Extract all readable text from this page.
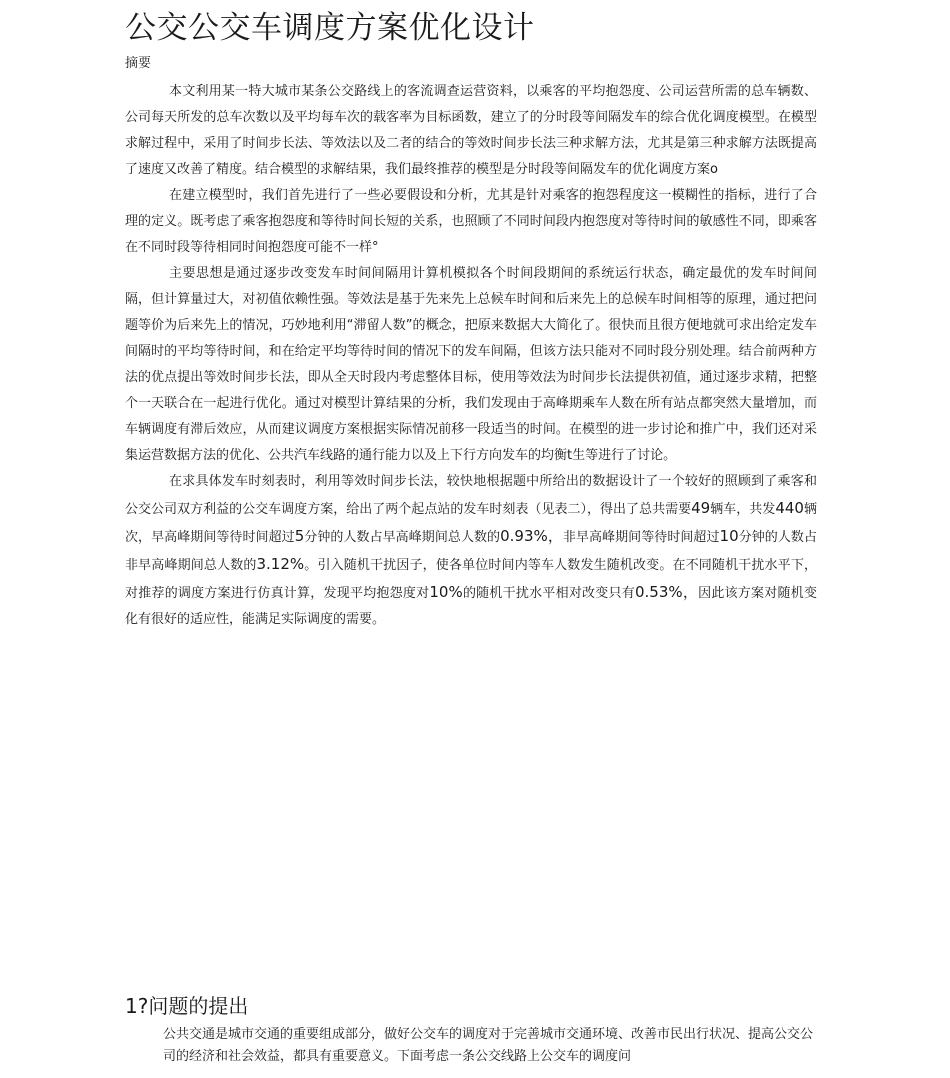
公交公交车调度方案优化设计
摘要

本文利用某一特大城市某条公交路线上的客流调查运营资料，以乘客的平均抱怨度、公司运营所需的总车辆数、公司每天所发的总车次数以及平均每车次的载客率为目标函数，建立了的分时段等间隔发车的综合优化调度模型。在模型求解过程中，采用了时间步长法、等效法以及二者的结合的等效时间步长法三种求解方法，尤其是第三种求解方法既提高了速度又改善了精度。结合模型的求解结果，我们最终推荐的模型是分时段等间隔发车的优化调度方案o

在建立模型时，我们首先进行了一些必要假设和分析，尤其是针对乘客的抱怨程度这一模糊性的指标，进行了合理的定义。既考虑了乘客抱怨度和等待时间长短的关系，也照顾了不同时间段内抱怨度对等待时间的敏感性不同，即乘客在不同时段等待相同时间抱怨度可能不一样°

主要思想是通过逐步改变发车时间间隔用计算机模拟各个时间段期间的系统运行状态，确定最优的发车时间间隔，但计算量过大，对初值依赖性强。等效法是基于先来先上总候车时间和后来先上的总候车时间相等的原理，通过把问题等价为后来先上的情况，巧妙地利用“滞留人数”的概念，把原来数据大大简化了。很快而且很方便地就可求出给定发车间隔时的平均等待时间，和在给定平均等待时间的情况下的发车间隔，但该方法只能对不同时段分别处理。结合前两种方法的优点提出等效时间步长法，即从全天时段内考虑整体目标，使用等效法为时间步长法提供初值，通过逐步求精，把整个一天联合在一起进行优化。通过对模型计算结果的分析，我们发现由于高峰期乘车人数在所有站点都突然大量增加，而车辆调度有滞后效应，从而建议调度方案根据实际情况前移一段适当的时间。在模型的进一步讨论和推广中，我们还对采集运营数据方法的优化、公共汽车线路的通行能力以及上下行方向发车的均衡t生等进行了讨论。

在求具体发车时刻表时，利用等效时间步长法，较快地根据题中所给出的数据设计了一个较好的照顾到了乘客和公交公司双方利益的公交车调度方案，给出了两个起点站的发车时刻表（见表二），得出了总共需要49辆车，共发440辆次，早高峰期间等待时间超过5分钟的人数占早高峰期间总人数的0.93%，非早高峰期间等待时间超过10分钟的人数占非早高峰期间总人数的3.12%。引入随机干扰因子，使各单位时间内等车人数发生随机改变。在不同随机干扰水平下，对推荐的调度方案进行仿真计算，发现平均抱怨度对10%的随机干扰水平相对改变只有0.53%，因此该方案对随机变化有很好的适应性，能满足实际调度的需要。

1?问题的提出

公共交通是城市交通的重要组成部分，做好公交车的调度对于完善城市交通环境、改善市民出行状况、提高公交公司的经济和社会效益，都具有重要意义。下面考虑一条公交线路上公交车的调度问
